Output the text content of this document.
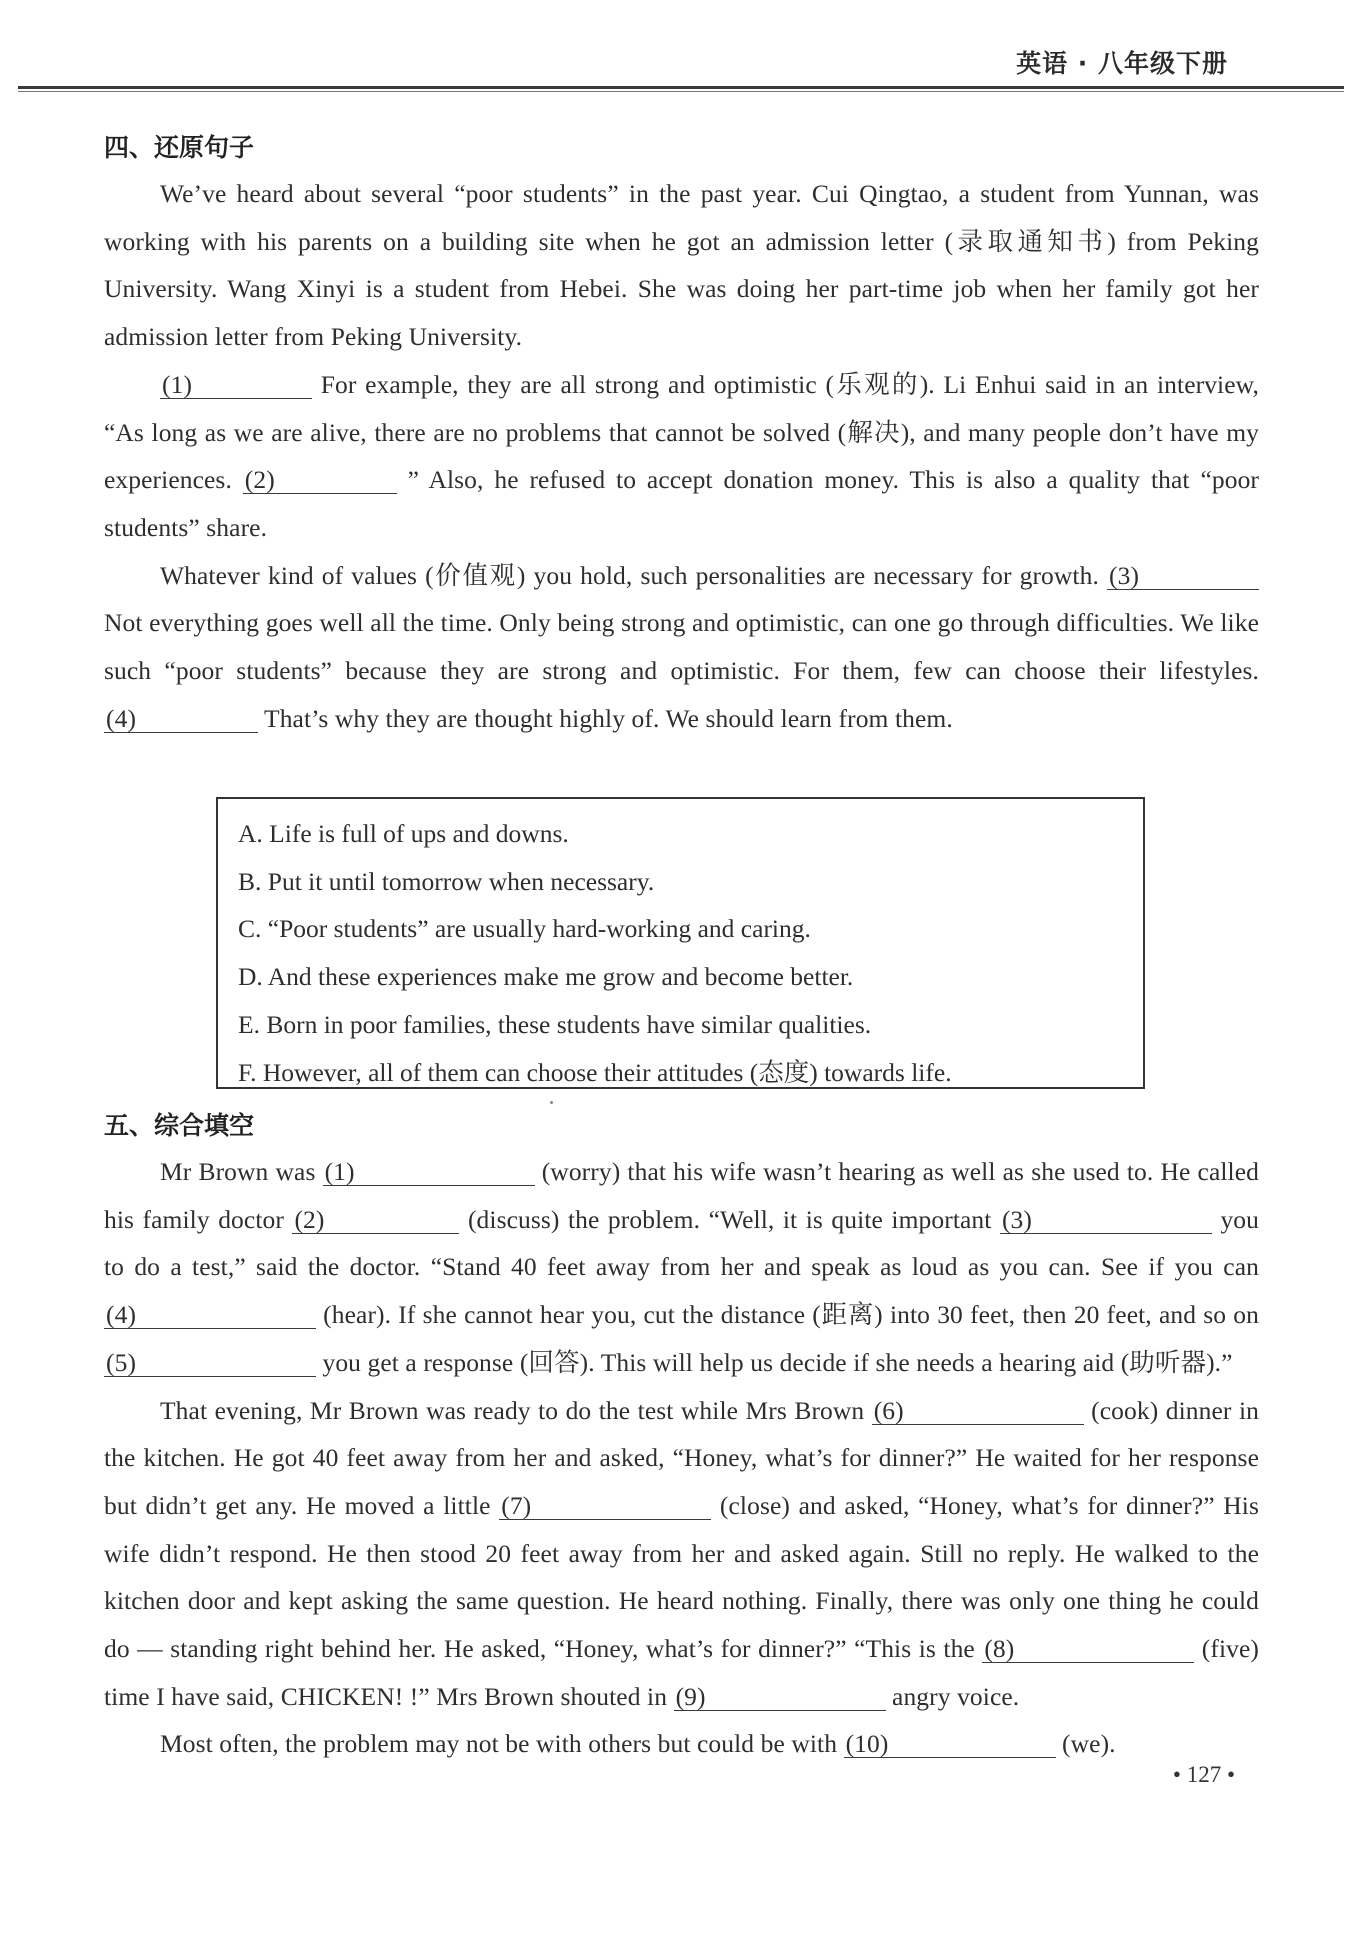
英语 · 八年级下册
四、还原句子

We’ve heard about several “poor students” in the past year. Cui Qingtao, a student from Yunnan, was working with his parents on a building site when he got an admission letter (录取通知书) from Peking University. Wang Xinyi is a student from Hebei. She was doing her part-time job when her family got her admission letter from Peking University.

(1)	For example, they are all strong and optimistic (乐观的). Li Enhui said in an interview, “As long as we are alive, there are no problems that cannot be solved (解决), and many people don’t have my experiences. (2)	” Also, he refused to accept donation money. This is also a quality that “poor students” share.

Whatever kind of values (价值观) you hold, such personalities are necessary for growth. (3) Not everything goes well all the time. Only being strong and optimistic, can one go through difficulties. We like such “poor students” because they are strong and optimistic. For them, few can choose their lifestyles. (4)	That’s why they are thought highly of. We should learn from them.

A. Life is full of ups and downs.

B. Put it until tomorrow when necessary.

C. “Poor students” are usually hard-working and caring.

D. And these experiences make me grow and become better.

E. Born in poor families, these students have similar qualities.

F. However, all of them can choose their attitudes (态度) towards life.

五、综合填空

Mr Brown was (1)	(worry) that his wife wasn’t hearing as well as she used to. He called his family doctor (2)	(discuss) the problem. “Well, it is quite important (3)	you to do a test,” said the doctor. “Stand 40 feet away from her and speak as loud as you can. See if you can (4)	(hear). If she cannot hear you, cut the distance (距离) into 30 feet, then 20 feet, and so on (5)	you get a response (回答). This will help us decide if she needs a hearing aid (助听器).”

That evening, Mr Brown was ready to do the test while Mrs Brown (6)	(cook) dinner in the kitchen. He got 40 feet away from her and asked, “Honey, what’s for dinner?” He waited for her response but didn’t get any. He moved a little (7)	(close) and asked, “Honey, what’s for dinner?” His wife didn’t respond. He then stood 20 feet away from her and asked again. Still no reply. He walked to the kitchen door and kept asking the same question. He heard nothing. Finally, there was only one thing he could do — standing right behind her. He asked, “Honey, what’s for dinner?” “This is the (8)	(five) time I have said, CHICKEN! !” Mrs Brown shouted in (9)	angry voice.

Most often, the problem may not be with others but could be with (10)	(we).

• 127 •
